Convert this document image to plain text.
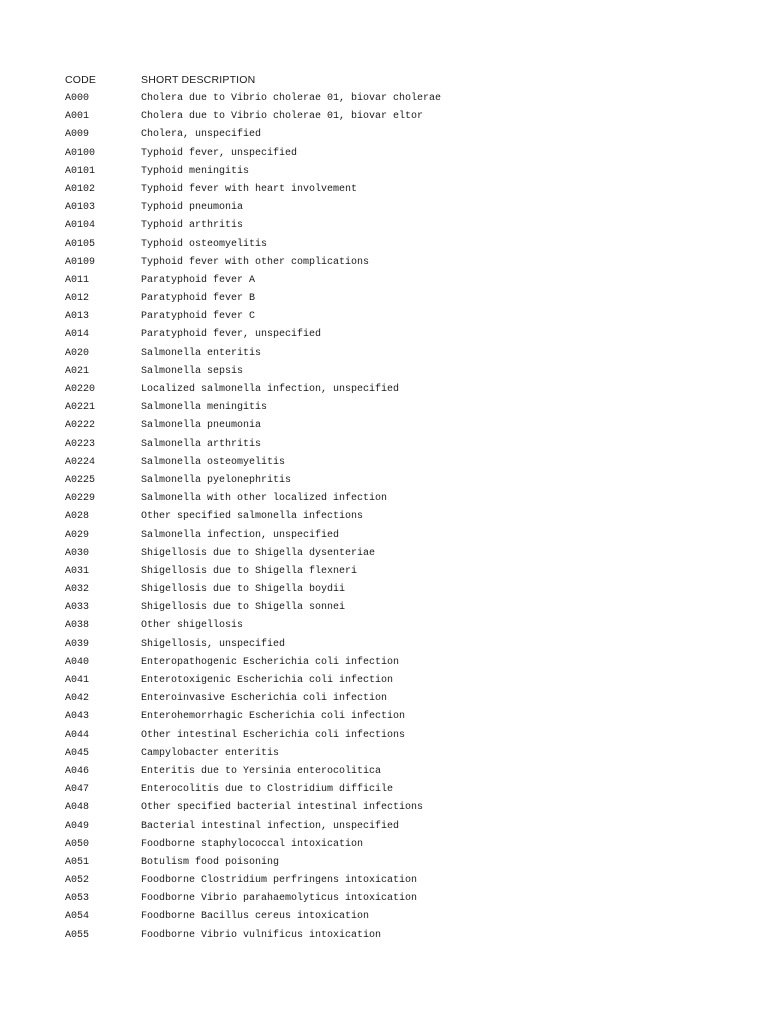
CODE	SHORT DESCRIPTION
A000	Cholera due to Vibrio cholerae 01, biovar cholerae
A001	Cholera due to Vibrio cholerae 01, biovar eltor
A009	Cholera, unspecified
A0100	Typhoid fever, unspecified
A0101	Typhoid meningitis
A0102	Typhoid fever with heart involvement
A0103	Typhoid pneumonia
A0104	Typhoid arthritis
A0105	Typhoid osteomyelitis
A0109	Typhoid fever with other complications
A011	Paratyphoid fever A
A012	Paratyphoid fever B
A013	Paratyphoid fever C
A014	Paratyphoid fever, unspecified
A020	Salmonella enteritis
A021	Salmonella sepsis
A0220	Localized salmonella infection, unspecified
A0221	Salmonella meningitis
A0222	Salmonella pneumonia
A0223	Salmonella arthritis
A0224	Salmonella osteomyelitis
A0225	Salmonella pyelonephritis
A0229	Salmonella with other localized infection
A028	Other specified salmonella infections
A029	Salmonella infection, unspecified
A030	Shigellosis due to Shigella dysenteriae
A031	Shigellosis due to Shigella flexneri
A032	Shigellosis due to Shigella boydii
A033	Shigellosis due to Shigella sonnei
A038	Other shigellosis
A039	Shigellosis, unspecified
A040	Enteropathogenic Escherichia coli infection
A041	Enterotoxigenic Escherichia coli infection
A042	Enteroinvasive Escherichia coli infection
A043	Enterohemorrhagic Escherichia coli infection
A044	Other intestinal Escherichia coli infections
A045	Campylobacter enteritis
A046	Enteritis due to Yersinia enterocolitica
A047	Enterocolitis due to Clostridium difficile
A048	Other specified bacterial intestinal infections
A049	Bacterial intestinal infection, unspecified
A050	Foodborne staphylococcal intoxication
A051	Botulism food poisoning
A052	Foodborne Clostridium perfringens intoxication
A053	Foodborne Vibrio parahaemolyticus intoxication
A054	Foodborne Bacillus cereus intoxication
A055	Foodborne Vibrio vulnificus intoxication
